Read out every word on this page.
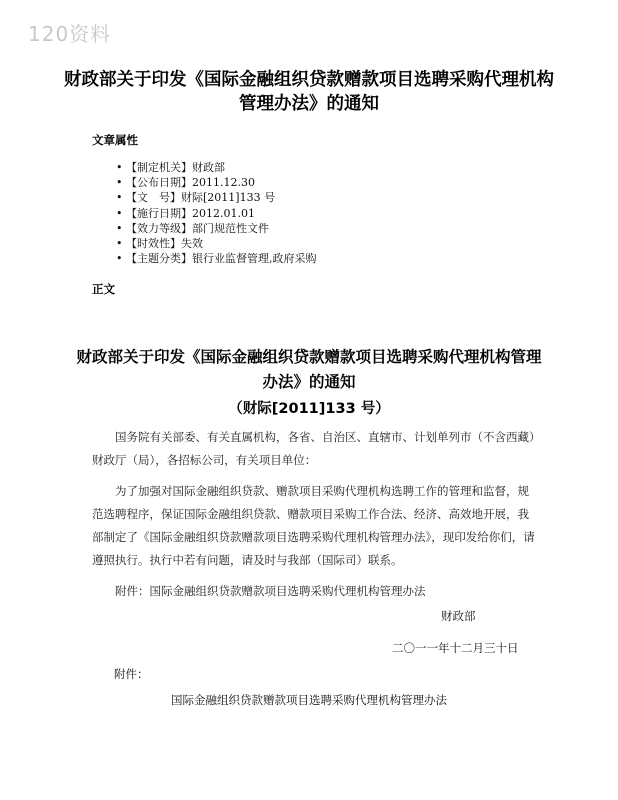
120资料
财政部关于印发《国际金融组织贷款赠款项目选聘采购代理机构管理办法》的通知
文章属性
• 【制定机关】财政部
• 【公布日期】2011.12.30
• 【文　号】财际[2011]133 号
• 【施行日期】2012.01.01
• 【效力等级】部门规范性文件
• 【时效性】失效
• 【主题分类】银行业监督管理,政府采购
正文
财政部关于印发《国际金融组织贷款赠款项目选聘采购代理机构管理办法》的通知
（财际[2011]133 号）
国务院有关部委、有关直属机构，各省、自治区、直辖市、计划单列市（不含西藏）财政厅（局），各招标公司，有关项目单位：
为了加强对国际金融组织贷款、赠款项目采购代理机构选聘工作的管理和监督，规范选聘程序，保证国际金融组织贷款、赠款项目采购工作合法、经济、高效地开展，我部制定了《国际金融组织贷款赠款项目选聘采购代理机构管理办法》，现印发给你们，请遵照执行。执行中若有问题，请及时与我部（国际司）联系。
附件：国际金融组织贷款赠款项目选聘采购代理机构管理办法
财政部
二〇一一年十二月三十日
附件：
国际金融组织贷款赠款项目选聘采购代理机构管理办法
